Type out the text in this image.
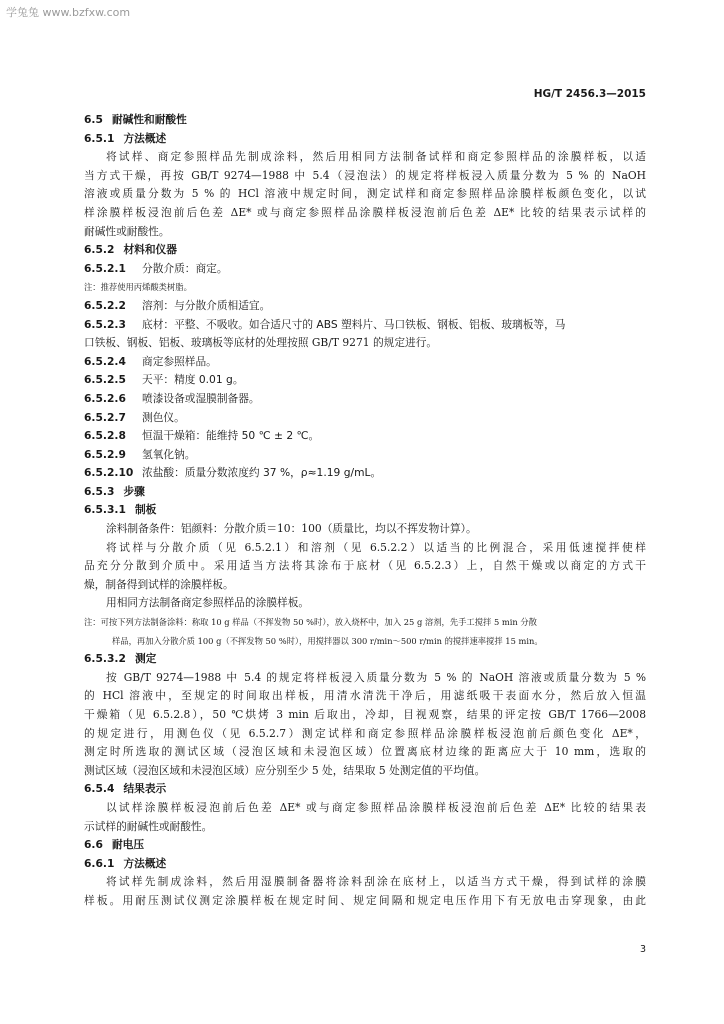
学兔兔 www.bzfxw.com
HG/T 2456.3—2015
6.5 耐碱性和耐酸性
6.5.1 方法概述
将试样、商定参照样品先制成涂料，然后用相同方法制备试样和商定参照样品的涂膜样板，以适
当方式干燥，再按 GB/T 9274—1988 中 5.4（浸泡法）的规定将样板浸入质量分数为 5 % 的 NaOH
溶液或质量分数为 5 % 的 HCl 溶液中规定时间，测定试样和商定参照样品涂膜样板颜色变化，以试
样涂膜样板浸泡前后色差 ΔE* 或与商定参照样品涂膜样板浸泡前后色差 ΔE* 比较的结果表示试样的
耐碱性或耐酸性。
6.5.2 材料和仪器
6.5.2.1 分散介质：商定。
注：推荐使用丙烯酸类树脂。
6.5.2.2 溶剂：与分散介质相适宜。
6.5.2.3 底材：平整、不吸收。如合适尺寸的 ABS 塑料片、马口铁板、钢板、铝板、玻璃板等，马
口铁板、钢板、铝板、玻璃板等底材的处理按照 GB/T 9271 的规定进行。
6.5.2.4 商定参照样品。
6.5.2.5 天平：精度 0.01 g。
6.5.2.6 喷漆设备或湿膜制备器。
6.5.2.7 测色仪。
6.5.2.8 恒温干燥箱：能维持 50 ℃ ± 2 ℃。
6.5.2.9 氢氧化钠。
6.5.2.10 浓盐酸：质量分数浓度约 37 %，ρ≈1.19 g/mL。
6.5.3 步骤
6.5.3.1 制板
涂料制备条件：铝颜料：分散介质＝10：100（质量比，均以不挥发物计算）。
将试样与分散介质（见 6.5.2.1）和溶剂（见 6.5.2.2）以适当的比例混合，采用低速搅拌使样
品充分分散到介质中。采用适当方法将其涂布于底材（见 6.5.2.3）上，自然干燥或以商定的方式干
燥，制备得到试样的涂膜样板。
用相同方法制备商定参照样品的涂膜样板。
注：可按下列方法制备涂料：称取 10 g 样品（不挥发物 50 %时），放入烧杯中，加入 25 g 溶剂，先手工搅拌 5 min 分散
样品，再加入分散介质 100 g（不挥发物 50 %时），用搅拌器以 300 r/min～500 r/min 的搅拌速率搅拌 15 min。
6.5.3.2 测定
按 GB/T 9274—1988 中 5.4 的规定将样板浸入质量分数为 5 % 的 NaOH 溶液或质量分数为 5 %
的 HCl 溶液中，至规定的时间取出样板，用清水清洗干净后，用滤纸吸干表面水分，然后放入恒温
干燥箱（见 6.5.2.8），50 ℃烘烤 3 min 后取出，冷却，目视观察，结果的评定按 GB/T 1766—2008
的规定进行，用测色仪（见 6.5.2.7）测定试样和商定参照样品涂膜样板浸泡前后颜色变化 ΔE*，
测定时所选取的测试区域（浸泡区域和未浸泡区域）位置离底材边缘的距离应大于 10 mm，选取的
测试区域（浸泡区域和未浸泡区域）应分别至少 5 处，结果取 5 处测定值的平均值。
6.5.4 结果表示
以试样涂膜样板浸泡前后色差 ΔE* 或与商定参照样品涂膜样板浸泡前后色差 ΔE* 比较的结果表
示试样的耐碱性或耐酸性。
6.6 耐电压
6.6.1 方法概述
将试样先制成涂料，然后用湿膜制备器将涂料刮涂在底材上，以适当方式干燥，得到试样的涂膜
样板。用耐压测试仪测定涂膜样板在规定时间、规定间隔和规定电压作用下有无放电击穿现象，由此
3
